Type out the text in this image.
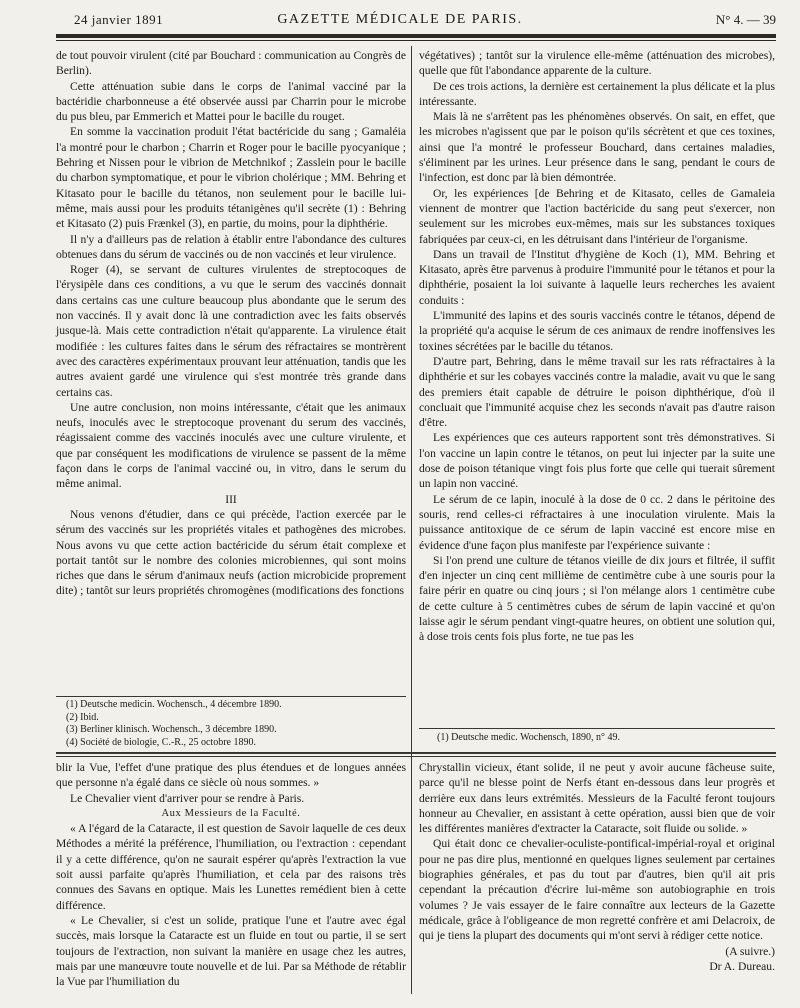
24 janvier 1891	GAZETTE MÉDICALE DE PARIS.	N° 4. — 39

de tout pouvoir virulent (cité par Bouchard : communication au Congrès de Berlin).

Cette atténuation subie dans le corps de l'animal vacciné par la bactéridie charbonneuse a été observée aussi par Charrin pour le microbe du pus bleu, par Emmerich et Mattei pour le bacille du rouget.

En somme la vaccination produit l'état bactéricide du sang ; Gamaléia l'a montré pour le charbon ; Charrin et Roger pour le bacille pyocyanique ; Behring et Nissen pour le vibrion de Metchnikof ; Zasslein pour le bacille du charbon symptomatique, et pour le vibrion cholérique ; MM. Behring et Kitasato pour le bacille du tétanos, non seulement pour le bacille lui-même, mais aussi pour les produits tétanigènes qu'il secrète (1) : Behring et Kitasato (2) puis Frænkel (3), en partie, du moins, pour la diphthérie.

Il n'y a d'ailleurs pas de relation à établir entre l'abondance des cultures obtenues dans du sérum de vaccinés ou de non vaccinés et leur virulence.

Roger (4), se servant de cultures virulentes de streptocoques de l'érysipèle dans ces conditions, a vu que le serum des vaccinés donnait dans certains cas une culture beaucoup plus abondante que le serum des non vaccinés. Il y avait donc là une contradiction avec les faits observés jusque-là. Mais cette contradiction n'était qu'apparente. La virulence était modifiée : les cultures faites dans le sérum des réfractaires se montrèrent avec des caractères expérimentaux prouvant leur atténuation, tandis que les autres avaient gardé une virulence qui s'est montrée très grande dans certains cas.

Une autre conclusion, non moins intéressante, c'était que les animaux neufs, inoculés avec le streptocoque provenant du serum des vaccinés, réagissaient comme des vaccinés inoculés avec une culture virulente, et que par conséquent les modifications de virulence se passent de la même façon dans le corps de l'animal vacciné ou, in vitro, dans le serum du même animal.

III

Nous venons d'étudier, dans ce qui précède, l'action exercée par le sérum des vaccinés sur les propriétés vitales et pathogènes des microbes. Nous avons vu que cette action bactéricide du sérum était complexe et portait tantôt sur le nombre des colonies microbiennes, qui sont moins riches que dans le sérum d'animaux neufs (action microbicide proprement dite) ; tantôt sur leurs propriétés chromogènes (modifications des fonctions

(1) Deutsche medicin. Wochensch., 4 décembre 1890.
(2) Ibid.
(3) Berliner klinisch. Wochensch., 3 décembre 1890.
(4) Société de biologie, C.-R., 25 octobre 1890.

végétatives) ; tantôt sur la virulence elle-même (atténuation des microbes), quelle que fût l'abondance apparente de la culture.

De ces trois actions, la dernière est certainement la plus délicate et la plus intéressante.

Mais là ne s'arrêtent pas les phénomènes observés. On sait, en effet, que les microbes n'agissent que par le poison qu'ils sécrètent et que ces toxines, ainsi que l'a montré le professeur Bouchard, dans certaines maladies, s'éliminent par les urines. Leur présence dans le sang, pendant le cours de l'infection, est donc par là bien démontrée.

Or, les expériences [de Behring et de Kitasato, celles de Gamaleia viennent de montrer que l'action bactéricide du sang peut s'exercer, non seulement sur les microbes eux-mêmes, mais sur les substances toxiques fabriquées par ceux-ci, en les détruisant dans l'intérieur de l'organisme.

Dans un travail de l'Institut d'hygiène de Koch (1), MM. Behring et Kitasato, après être parvenus à produire l'immunité pour le tétanos et pour la diphthérie, posaient la loi suivante à laquelle leurs recherches les avaient conduits :

L'immunité des lapins et des souris vaccinés contre le tétanos, dépend de la propriété qu'a acquise le sérum de ces animaux de rendre inoffensives les toxines sécrétées par le bacille du tétanos.

D'autre part, Behring, dans le même travail sur les rats réfractaires à la diphthérie et sur les cobayes vaccinés contre la maladie, avait vu que le sang des premiers était capable de détruire le poison diphthérique, d'où il concluait que l'immunité acquise chez les seconds n'avait pas d'autre raison d'être.

Les expériences que ces auteurs rapportent sont très démonstratives. Si l'on vaccine un lapin contre le tétanos, on peut lui injecter par la suite une dose de poison tétanique vingt fois plus forte que celle qui tuerait sûrement un lapin non vacciné.

Le sérum de ce lapin, inoculé à la dose de 0 cc. 2 dans le péritoine des souris, rend celles-ci réfractaires à une inoculation virulente. Mais la puissance antitoxique de ce sérum de lapin vacciné est encore mise en évidence d'une façon plus manifeste par l'expérience suivante :

Si l'on prend une culture de tétanos vieille de dix jours et filtrée, il suffit d'en injecter un cinq cent millième de centimètre cube à une souris pour la faire périr en quatre ou cinq jours ; si l'on mélange alors 1 centimètre cube de cette culture à 5 centimètres cubes de sérum de lapin vacciné et qu'on laisse agir le sérum pendant vingt-quatre heures, on obtient une solution qui, à dose trois cents fois plus forte, ne tue pas les

(1) Deutsche medic. Wochensch, 1890, n° 49.

blir la Vue, l'effet d'une pratique des plus étendues et de longues années que personne n'a égalé dans ce siècle où nous sommes. »

Le Chevalier vient d'arriver pour se rendre à Paris.

Aux Messieurs de la Faculté.

« A l'égard de la Cataracte, il est question de Savoir laquelle de ces deux Méthodes a mérité la préférence, l'humiliation, ou l'extraction : cependant il y a cette différence, qu'on ne saurait espérer qu'après l'extraction la vue soit aussi parfaite qu'après l'humiliation, et cela par des raisons très connues des Savans en optique. Mais les Lunettes remédient bien à cette différence.

« Le Chevalier, si c'est un solide, pratique l'une et l'autre avec égal succès, mais lorsque la Cataracte est un fluide en tout ou partie, il se sert toujours de l'extraction, non suivant la manière en usage chez les autres, mais par une manœuvre toute nouvelle et de lui. Par sa Méthode de rétablir la Vue par l'humiliation du

Chrystallin vicieux, étant solide, il ne peut y avoir aucune fâcheuse suite, parce qu'il ne blesse point de Nerfs étant en-dessous dans leur progrès et derrière eux dans leurs extrémités. Messieurs de la Faculté feront toujours honneur au Chevalier, en assistant à cette opération, aussi bien que de voir les différentes manières d'extracter la Cataracte, soit fluide ou solide. »

Qui était donc ce chevalier-oculiste-pontifical-impérial-royal et original pour ne pas dire plus, mentionné en quelques lignes seulement par certaines biographies générales, et pas du tout par d'autres, bien qu'il ait pris cependant la précaution d'écrire lui-même son autobiographie en trois volumes ? Je vais essayer de le faire connaître aux lecteurs de la Gazette médicale, grâce à l'obligeance de mon regretté confrère et ami Delacroix, de qui je tiens la plupart des documents qui m'ont servi à rédiger cette notice.

(A suivre.)

Dr A. Dureau.
